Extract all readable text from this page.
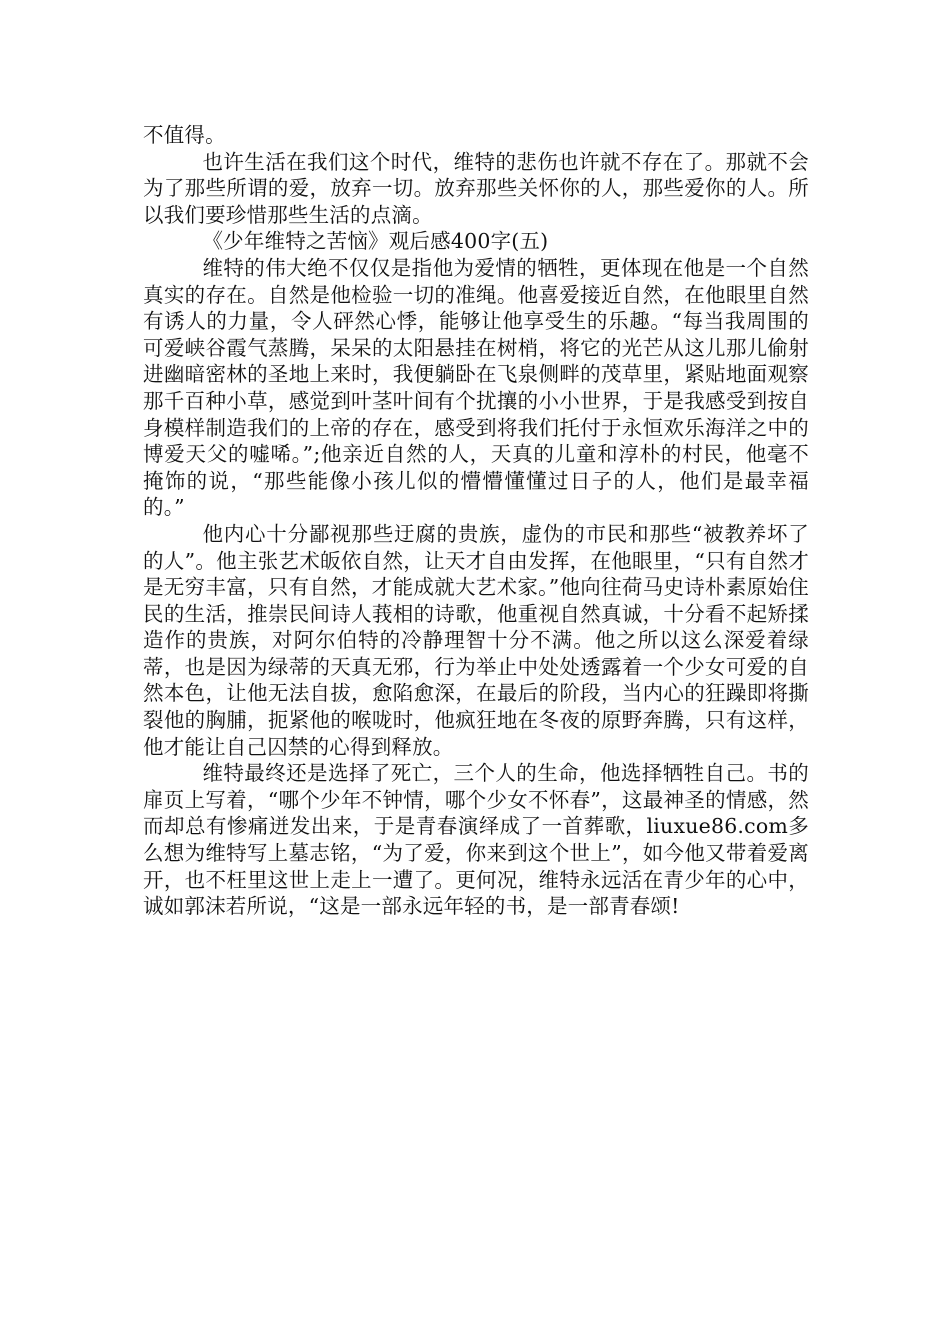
不值得。

也许生活在我们这个时代，维特的悲伤也许就不存在了。那就不会为了那些所谓的爱，放弃一切。放弃那些关怀你的人，那些爱你的人。所以我们要珍惜那些生活的点滴。

《少年维特之苦恼》观后感400字(五)

维特的伟大绝不仅仅是指他为爱情的牺牲，更体现在他是一个自然真实的存在。自然是他检验一切的准绳。他喜爱接近自然，在他眼里自然有诱人的力量，令人砰然心悸，能够让他享受生的乐趣。“每当我周围的可爱峡谷霞气蒸腾，呆呆的太阳悬挂在树梢，将它的光芒从这儿那儿偷射进幽暗密林的圣地上来时，我便躺卧在飞泉侧畔的茂草里，紧贴地面观察那千百种小草，感觉到叶茎叶间有个扰攘的小小世界，于是我感受到按自身模样制造我们的上帝的存在，感受到将我们托付于永恒欢乐海洋之中的博爱天父的嘘唏。”;他亲近自然的人，天真的儿童和淳朴的村民，他毫不掩饰的说，“那些能像小孩儿似的懵懵懂懂过日子的人，他们是最幸福的。”

他内心十分鄙视那些迂腐的贵族，虚伪的市民和那些“被教养坏了的人”。他主张艺术皈依自然，让天才自由发挥，在他眼里，“只有自然才是无穷丰富，只有自然，才能成就大艺术家。”他向往荷马史诗朴素原始住民的生活，推崇民间诗人莪相的诗歌，他重视自然真诚，十分看不起矫揉造作的贵族，对阿尔伯特的冷静理智十分不满。他之所以这么深爱着绿蒂，也是因为绿蒂的天真无邪，行为举止中处处透露着一个少女可爱的自然本色，让他无法自拔，愈陷愈深，在最后的阶段，当内心的狂躁即将撕裂他的胸脯，扼紧他的喉咙时，他疯狂地在冬夜的原野奔腾，只有这样，他才能让自己囚禁的心得到释放。

维特最终还是选择了死亡，三个人的生命，他选择牺牲自己。书的扉页上写着，“哪个少年不钟情，哪个少女不怀春”，这最神圣的情感，然而却总有惨痛迸发出来，于是青春演绎成了一首葬歌，liuxue86.com多么想为维特写上墓志铭，“为了爱，你来到这个世上”，如今他又带着爱离开，也不枉里这世上走上一遭了。更何况，维特永远活在青少年的心中，诚如郭沫若所说，“这是一部永远年轻的书，是一部青春颂!
